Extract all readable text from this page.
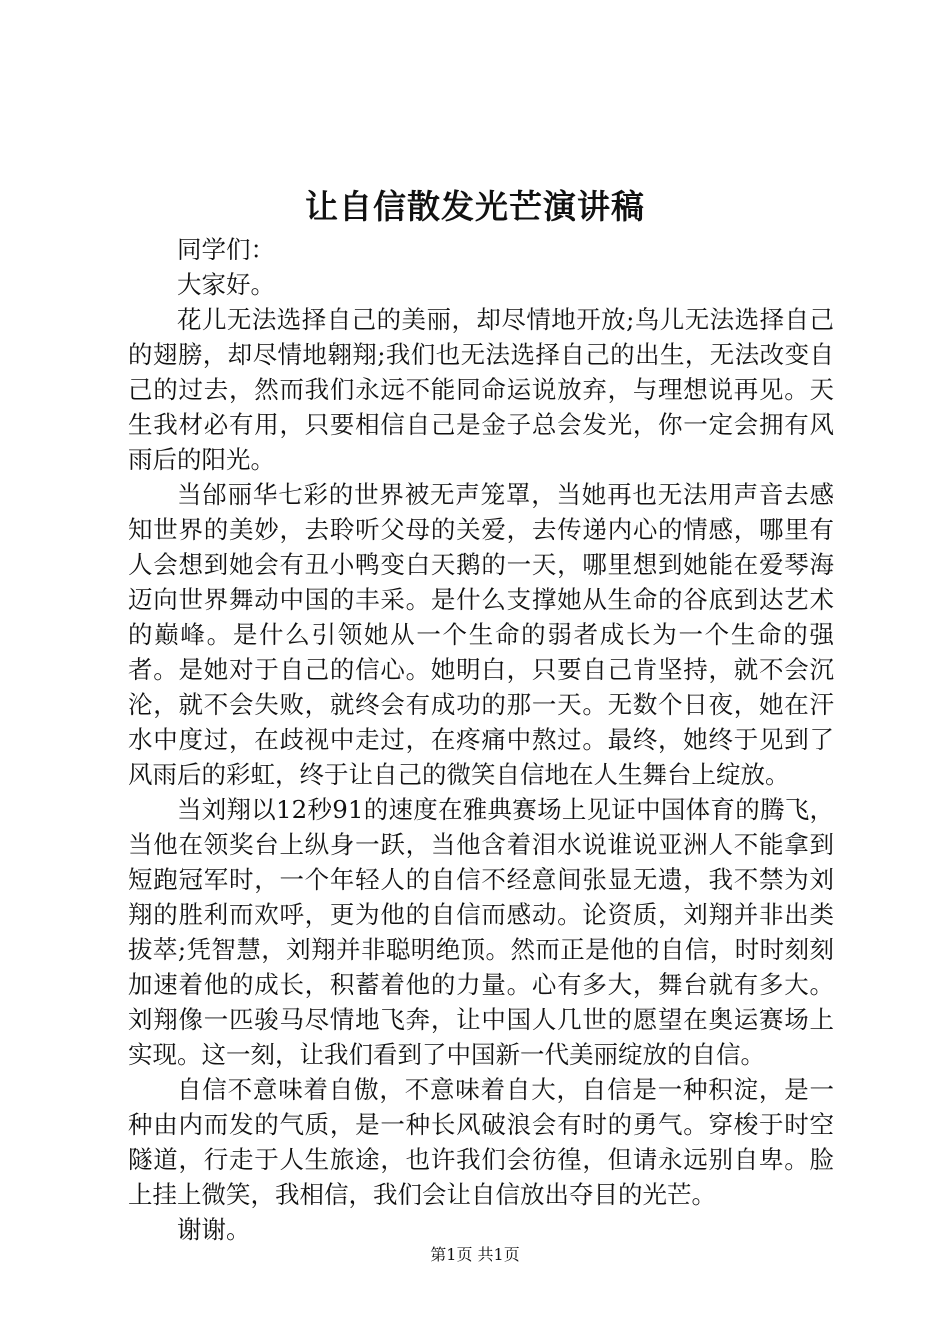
让自信散发光芒演讲稿

同学们：

大家好。

花儿无法选择自己的美丽，却尽情地开放;鸟儿无法选择自己的翅膀，却尽情地翱翔;我们也无法选择自己的出生，无法改变自己的过去，然而我们永远不能同命运说放弃，与理想说再见。天生我材必有用，只要相信自己是金子总会发光，你一定会拥有风雨后的阳光。

当邰丽华七彩的世界被无声笼罩，当她再也无法用声音去感知世界的美妙，去聆听父母的关爱，去传递内心的情感，哪里有人会想到她会有丑小鸭变白天鹅的一天，哪里想到她能在爱琴海迈向世界舞动中国的丰采。是什么支撑她从生命的谷底到达艺术的巅峰。是什么引领她从一个生命的弱者成长为一个生命的强者。是她对于自己的信心。她明白，只要自己肯坚持，就不会沉沦，就不会失败，就终会有成功的那一天。无数个日夜，她在汗水中度过，在歧视中走过，在疼痛中熬过。最终，她终于见到了风雨后的彩虹，终于让自己的微笑自信地在人生舞台上绽放。

当刘翔以12秒91的速度在雅典赛场上见证中国体育的腾飞，当他在领奖台上纵身一跃，当他含着泪水说谁说亚洲人不能拿到短跑冠军时，一个年轻人的自信不经意间张显无遗，我不禁为刘翔的胜利而欢呼，更为他的自信而感动。论资质，刘翔并非出类拔萃;凭智慧，刘翔并非聪明绝顶。然而正是他的自信，时时刻刻加速着他的成长，积蓄着他的力量。心有多大，舞台就有多大。刘翔像一匹骏马尽情地飞奔，让中国人几世的愿望在奥运赛场上实现。这一刻，让我们看到了中国新一代美丽绽放的自信。

自信不意味着自傲，不意味着自大，自信是一种积淀，是一种由内而发的气质，是一种长风破浪会有时的勇气。穿梭于时空隧道，行走于人生旅途，也许我们会彷徨，但请永远别自卑。脸上挂上微笑，我相信，我们会让自信放出夺目的光芒。

谢谢。

第1页 共1页
